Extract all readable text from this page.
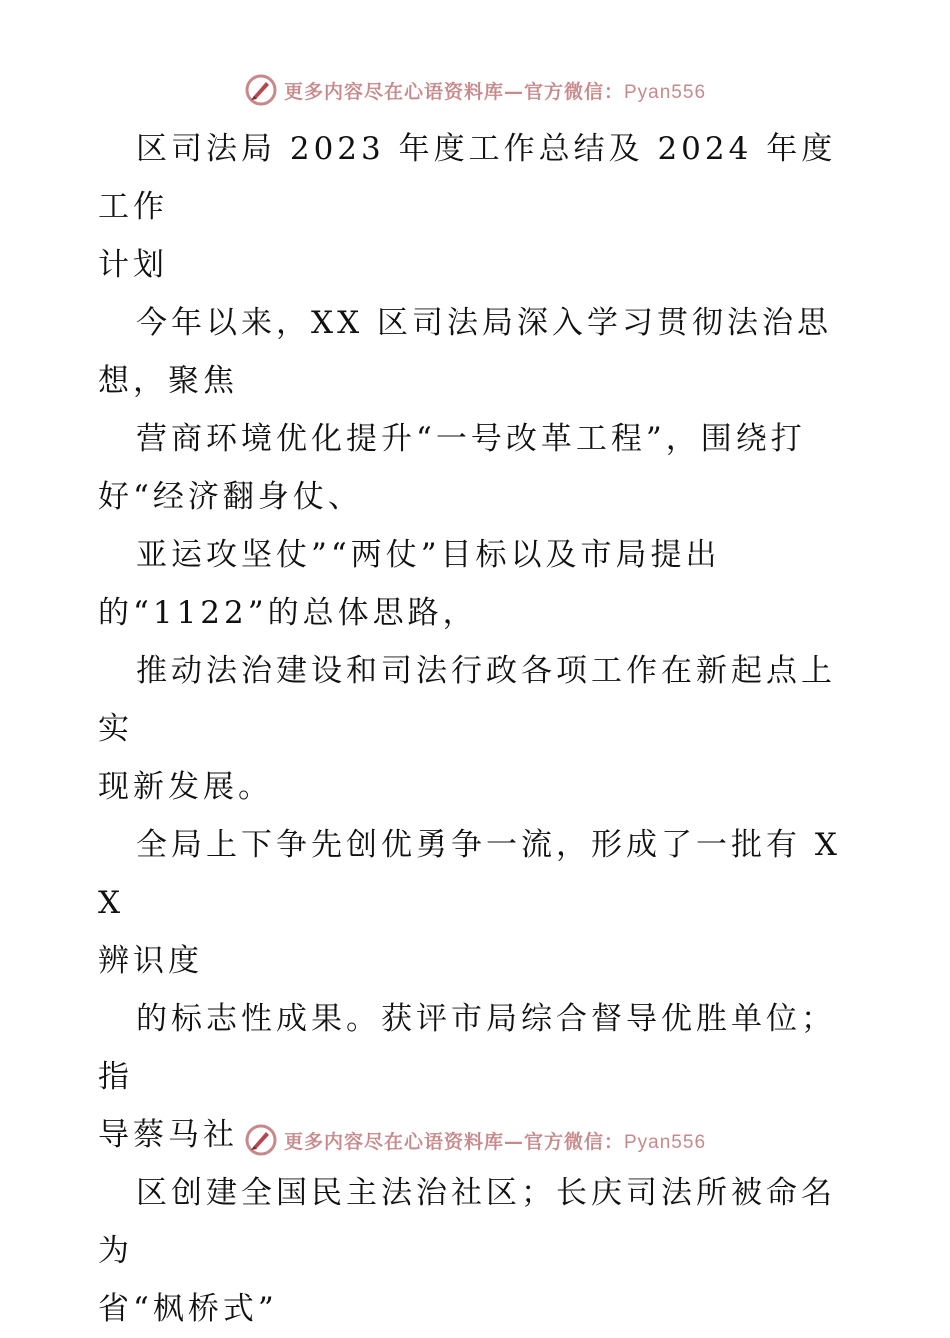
更多内容尽在心语资料库—官方微信：Pyan556

区司法局 2023 年度工作总结及 2024 年度工作
计划

今年以来，XX 区司法局深入学习贯彻法治思
想，聚焦

营商环境优化提升“一号改革工程”，围绕打
好“经济翻身仗、

亚运攻坚仗”“两仗”目标以及市局提出
的“1122”的总体思路，

推动法治建设和司法行政各项工作在新起点上实
现新发展。

全局上下争先创优勇争一流，形成了一批有 XX
辨识度

的标志性成果。获评市局综合督导优胜单位；指
导蔡马社

区创建全国民主法治社区；长庆司法所被命名为
省“枫桥式”

更多内容尽在心语资料库—官方微信：Pyan556
